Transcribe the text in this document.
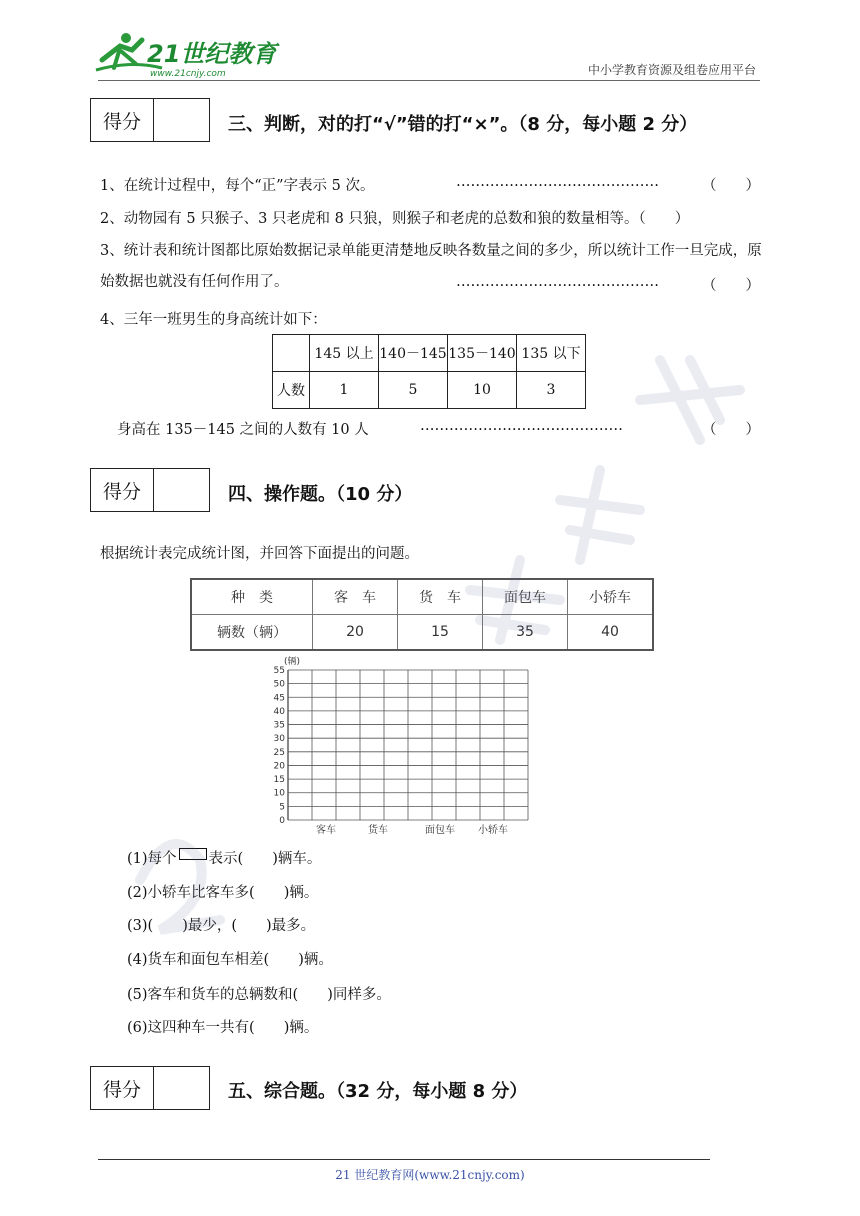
21世纪教育
www.21cnjy.com	中小学教育资源及组卷应用平台
得分	三、判断，对的打“√”错的打“×”。（8 分，每小题 2 分）
1、在统计过程中，每个“正”字表示 5 次。	……………………………………	（　　）
2、动物园有 5 只猴子、3 只老虎和 8 只狼，则猴子和老虎的总数和狼的数量相等。（　　）
3、统计表和统计图都比原始数据记录单能更清楚地反映各数量之间的多少，所以统计工作一旦完成，原始数据也就没有任何作用了。	……………………………………	（　　）
4、三年一班男生的身高统计如下：
	145 以上	140－145	135－140	135 以下
人数	1	5	10	3
身高在 135－145 之间的人数有 10 人	……………………………………	（　　）
得分	四、操作题。（10 分）
根据统计表完成统计图，并回答下面提出的问题。
种　类	客　车	货　车	面包车	小轿车
辆数（辆）	20	15	35	40
(辆)
0
5
10
15
20
25
30
35
40
45
50
55
客车	货车	面包车 小轿车
(1)每个 表示(　　)辆车。
(2)小轿车比客车多(　　)辆。
(3)(　　)最少，(　　)最多。
(4)货车和面包车相差(　　)辆。
(5)客车和货车的总辆数和(　　)同样多。
(6)这四种车一共有(　　)辆。
得分	五、综合题。（32 分，每小题 8 分）
21 世纪教育网(www.21cnjy.com)
